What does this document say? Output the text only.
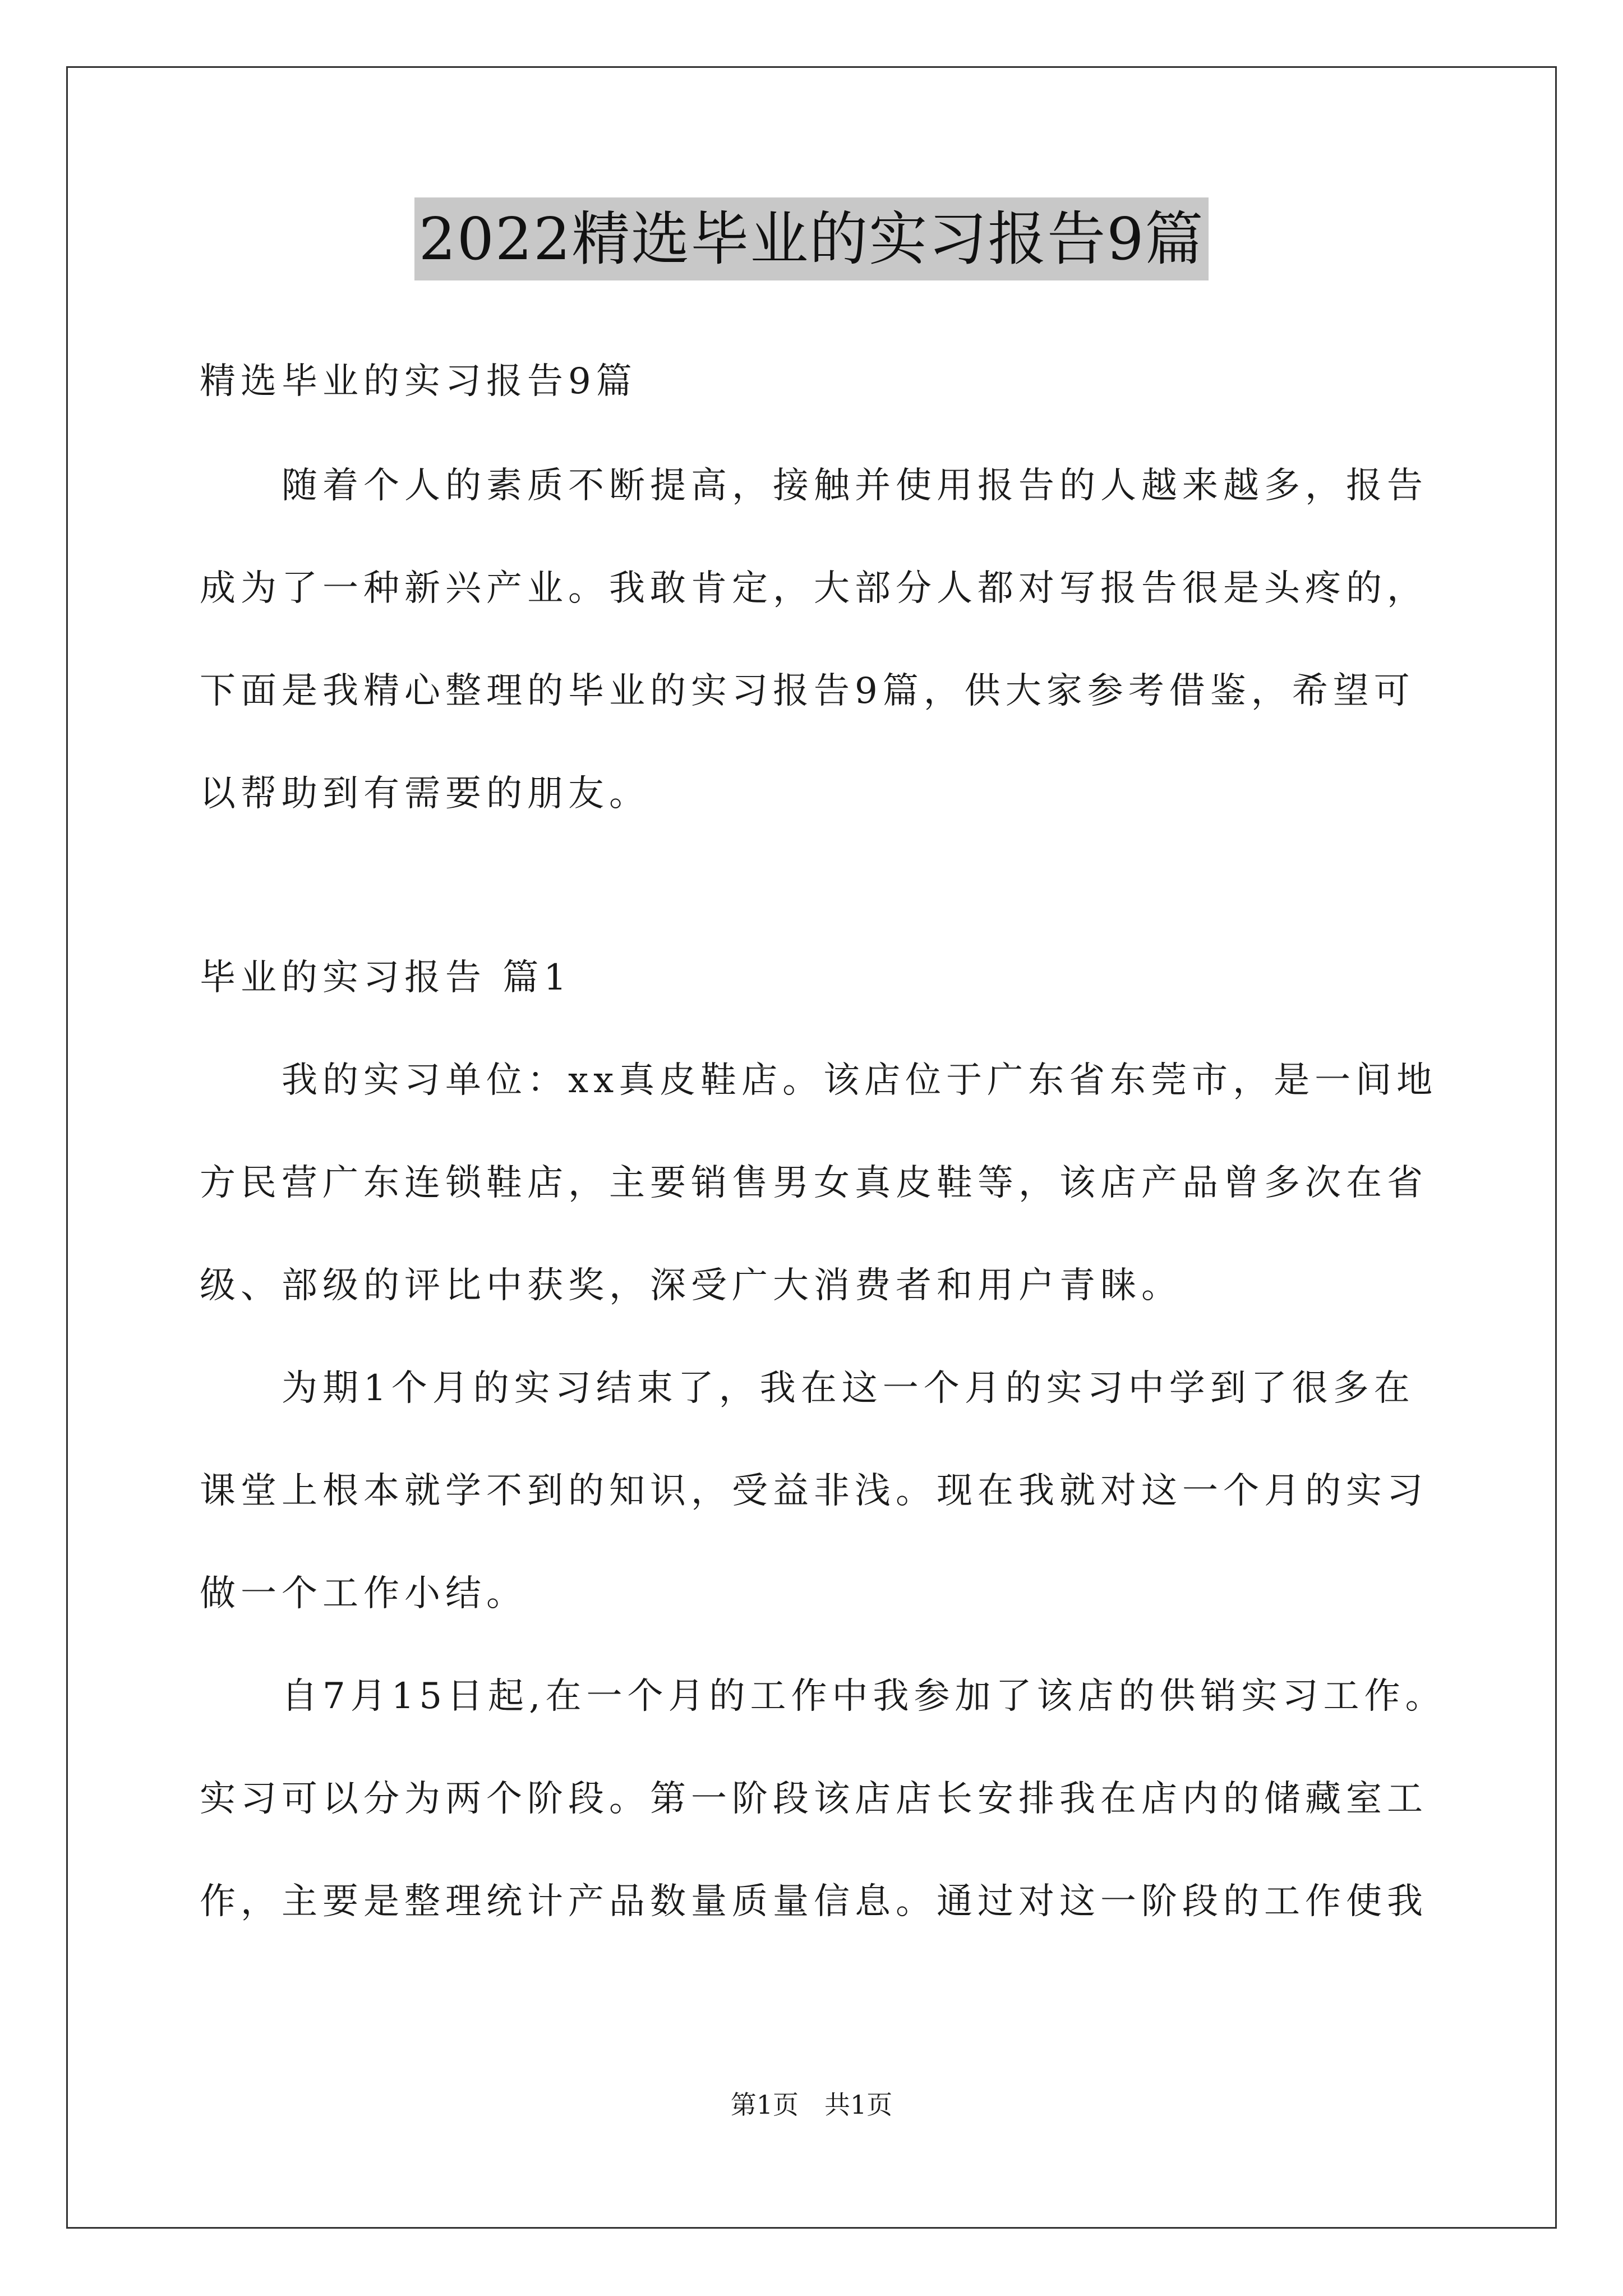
2022精选毕业的实习报告9篇
精选毕业的实习报告9篇
随着个人的素质不断提高，接触并使用报告的人越来越多，报告
成为了一种新兴产业。我敢肯定，大部分人都对写报告很是头疼的，
下面是我精心整理的毕业的实习报告9篇，供大家参考借鉴，希望可
以帮助到有需要的朋友。
毕业的实习报告 篇1
我的实习单位：xx真皮鞋店。该店位于广东省东莞市，是一间地
方民营广东连锁鞋店，主要销售男女真皮鞋等，该店产品曾多次在省
级、部级的评比中获奖，深受广大消费者和用户青睐。
为期1个月的实习结束了，我在这一个月的实习中学到了很多在
课堂上根本就学不到的知识，受益非浅。现在我就对这一个月的实习
做一个工作小结。
自7月15日起,在一个月的工作中我参加了该店的供销实习工作。
实习可以分为两个阶段。第一阶段该店店长安排我在店内的储藏室工
作，主要是整理统计产品数量质量信息。通过对这一阶段的工作使我
第1页　共1页
